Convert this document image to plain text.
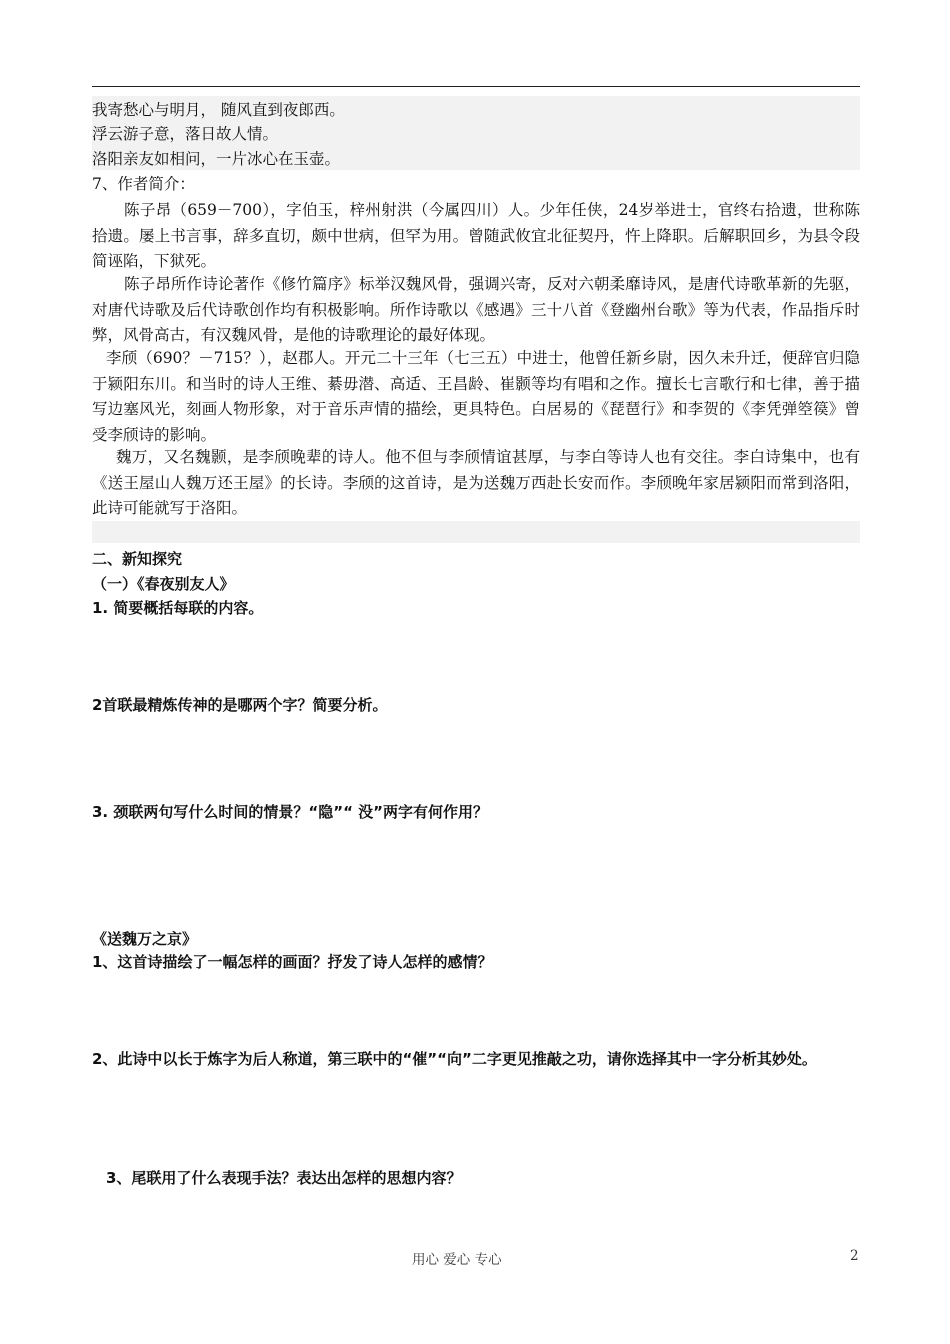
我寄愁心与明月， 随风直到夜郎西。
浮云游子意，落日故人情。
洛阳亲友如相问，一片冰心在玉壶。
7、作者简介：
陈子昂（659－700），字伯玉，梓州射洪（今属四川）人。少年任侠，24岁举进士，官终右拾遗，世称陈拾遗。屡上书言事，辞多直切，颇中世病，但罕为用。曾随武攸宜北征契丹，忤上降职。后解职回乡，为县令段简诬陷，下狱死。
陈子昂所作诗论著作《修竹篇序》标举汉魏风骨，强调兴寄，反对六朝柔靡诗风，是唐代诗歌革新的先驱，对唐代诗歌及后代诗歌创作均有积极影响。所作诗歌以《感遇》三十八首《登幽州台歌》等为代表，作品指斥时弊，风骨高古，有汉魏风骨，是他的诗歌理论的最好体现。
李颀（690？－715？），赵郡人。开元二十三年（七三五）中进士，他曾任新乡尉，因久未升迁，便辞官归隐于颍阳东川。和当时的诗人王维、綦毋潜、高适、王昌龄、崔颢等均有唱和之作。擅长七言歌行和七律，善于描写边塞风光，刻画人物形象，对于音乐声情的描绘，更具特色。白居易的《琵琶行》和李贺的《李凭弹箜篌》曾受李颀诗的影响。
魏万，又名魏颢，是李颀晚辈的诗人。他不但与李颀情谊甚厚，与李白等诗人也有交往。李白诗集中，也有《送王屋山人魏万还王屋》的长诗。李颀的这首诗，是为送魏万西赴长安而作。李颀晚年家居颍阳而常到洛阳，此诗可能就写于洛阳。
二、新知探究
（一）《春夜别友人》
1. 简要概括每联的内容。
2首联最精炼传神的是哪两个字？简要分析。
3. 颈联两句写什么时间的情景？“隐”“ 没”两字有何作用？
《送魏万之京》
1、这首诗描绘了一幅怎样的画面？抒发了诗人怎样的感情？
2、此诗中以长于炼字为后人称道，第三联中的“催”“向”二字更见推敲之功，请你选择其中一字分析其妙处。
3、尾联用了什么表现手法？表达出怎样的思想内容？
用心 爱心 专心	2
